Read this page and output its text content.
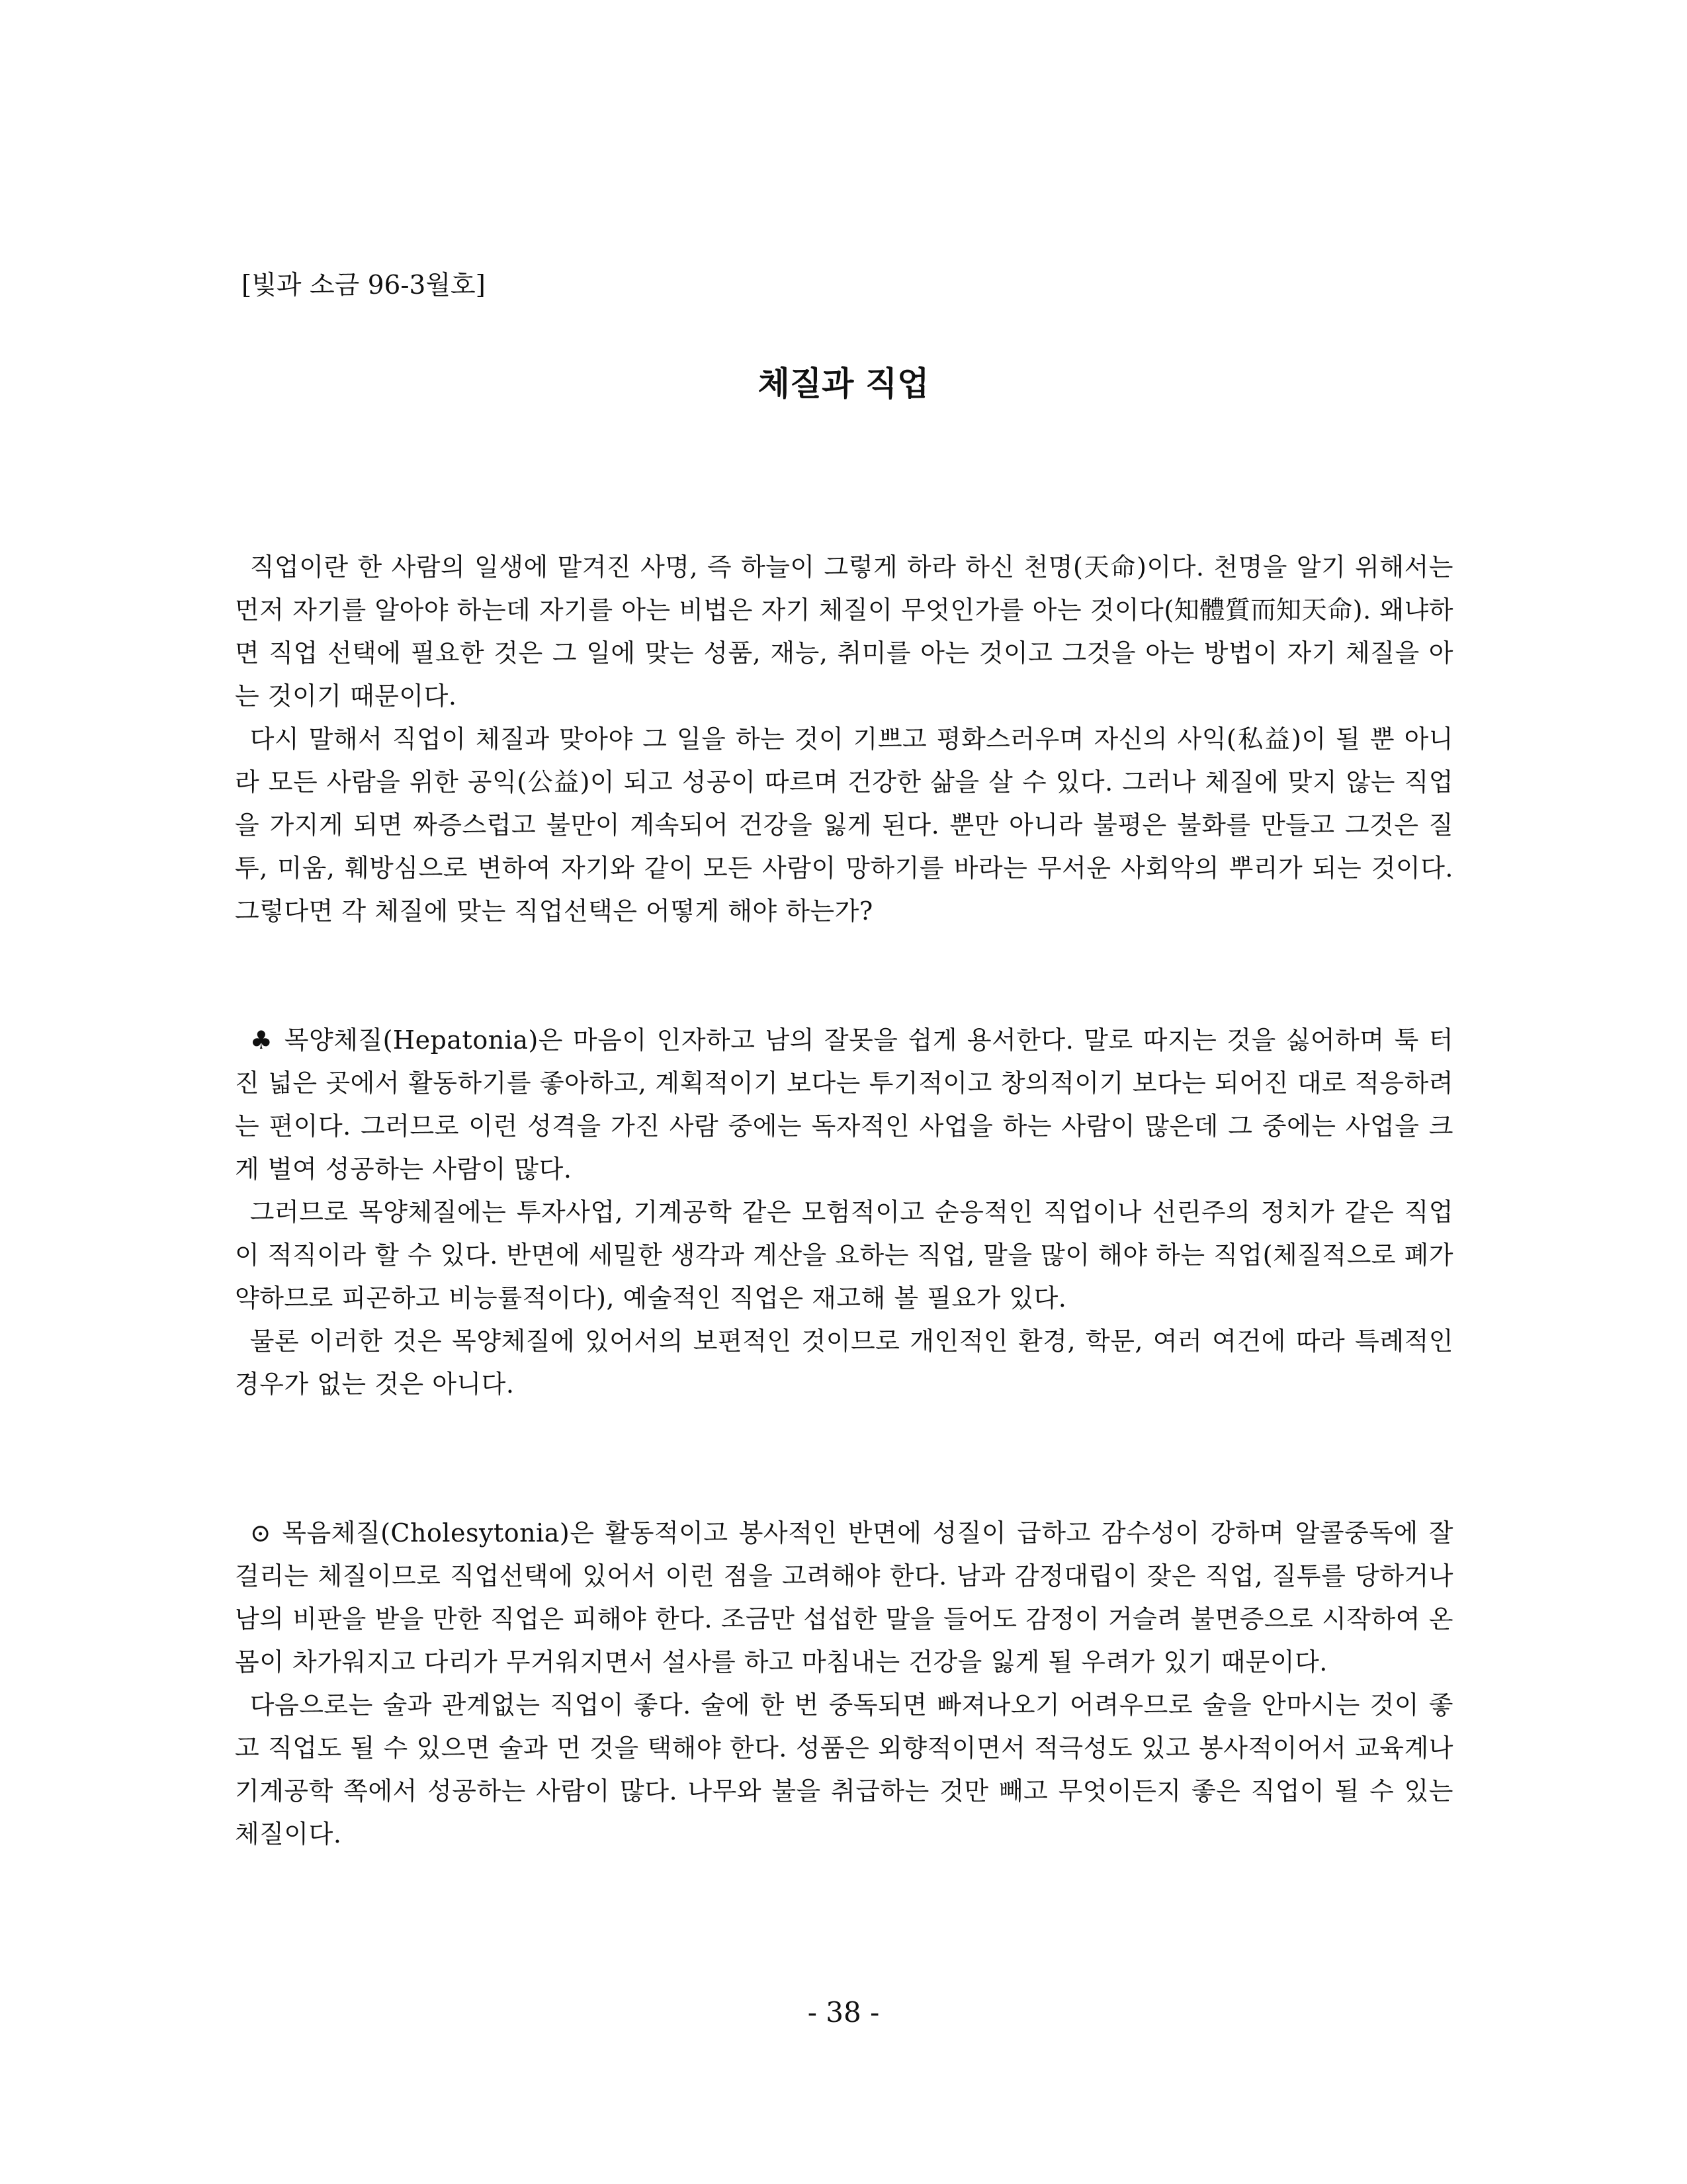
[빛과 소금 96-3월호]
체질과 직업

직업이란 한 사람의 일생에 맡겨진 사명, 즉 하늘이 그렇게 하라 하신 천명(天命)이다. 천명을 알기 위해서는 먼저 자기를 알아야 하는데 자기를 아는 비법은 자기 체질이 무엇인가를 아는 것이다(知體質而知天命). 왜냐하면 직업 선택에 필요한 것은 그 일에 맞는 성품, 재능, 취미를 아는 것이고 그것을 아는 방법이 자기 체질을 아는 것이기 때문이다.

다시 말해서 직업이 체질과 맞아야 그 일을 하는 것이 기쁘고 평화스러우며 자신의 사익(私益)이 될 뿐 아니라 모든 사람을 위한 공익(公益)이 되고 성공이 따르며 건강한 삶을 살 수 있다. 그러나 체질에 맞지 않는 직업을 가지게 되면 짜증스럽고 불만이 계속되어 건강을 잃게 된다. 뿐만 아니라 불평은 불화를 만들고 그것은 질투, 미움, 훼방심으로 변하여 자기와 같이 모든 사람이 망하기를 바라는 무서운 사회악의 뿌리가 되는 것이다. 그렇다면 각 체질에 맞는 직업선택은 어떻게 해야 하는가?

♣ 목양체질(Hepatonia)은 마음이 인자하고 남의 잘못을 쉽게 용서한다. 말로 따지는 것을 싫어하며 툭 터진 넓은 곳에서 활동하기를 좋아하고, 계획적이기 보다는 투기적이고 창의적이기 보다는 되어진 대로 적응하려는 편이다. 그러므로 이런 성격을 가진 사람 중에는 독자적인 사업을 하는 사람이 많은데 그 중에는 사업을 크게 벌여 성공하는 사람이 많다.

그러므로 목양체질에는 투자사업, 기계공학 같은 모험적이고 순응적인 직업이나 선린주의 정치가 같은 직업이 적직이라 할 수 있다. 반면에 세밀한 생각과 계산을 요하는 직업, 말을 많이 해야 하는 직업(체질적으로 폐가 약하므로 피곤하고 비능률적이다), 예술적인 직업은 재고해 볼 필요가 있다.

물론 이러한 것은 목양체질에 있어서의 보편적인 것이므로 개인적인 환경, 학문, 여러 여건에 따라 특례적인 경우가 없는 것은 아니다.

⊙ 목음체질(Cholesytonia)은 활동적이고 봉사적인 반면에 성질이 급하고 감수성이 강하며 알콜중독에 잘 걸리는 체질이므로 직업선택에 있어서 이런 점을 고려해야 한다. 남과 감정대립이 잦은 직업, 질투를 당하거나 남의 비판을 받을 만한 직업은 피해야 한다. 조금만 섭섭한 말을 들어도 감정이 거슬려 불면증으로 시작하여 온 몸이 차가워지고 다리가 무거워지면서 설사를 하고 마침내는 건강을 잃게 될 우려가 있기 때문이다.

다음으로는 술과 관계없는 직업이 좋다. 술에 한 번 중독되면 빠져나오기 어려우므로 술을 안마시는 것이 좋고 직업도 될 수 있으면 술과 먼 것을 택해야 한다. 성품은 외향적이면서 적극성도 있고 봉사적이어서 교육계나 기계공학 쪽에서 성공하는 사람이 많다. 나무와 불을 취급하는 것만 빼고 무엇이든지 좋은 직업이 될 수 있는 체질이다.

- 38 -
